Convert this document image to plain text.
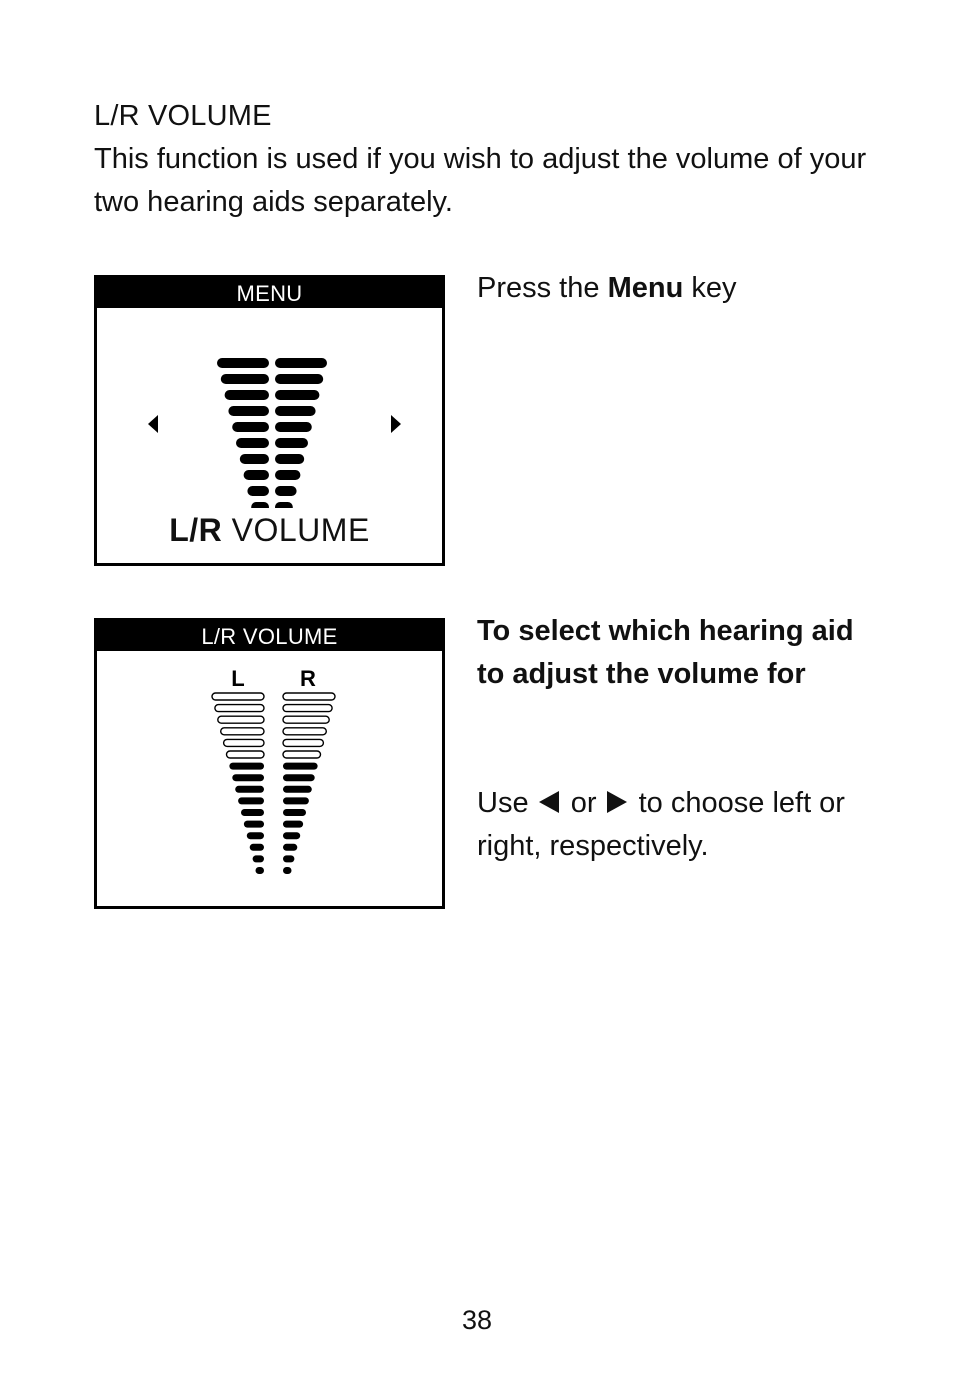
L/R VOLUME
This function is used if you wish to adjust the volume of your two hearing aids separately.
MENU
L/R VOLUME
Press the Menu key
L/R VOLUME
L	R
To select which hearing aid to adjust the volume for
Use or to choose left or right, respectively.
38
